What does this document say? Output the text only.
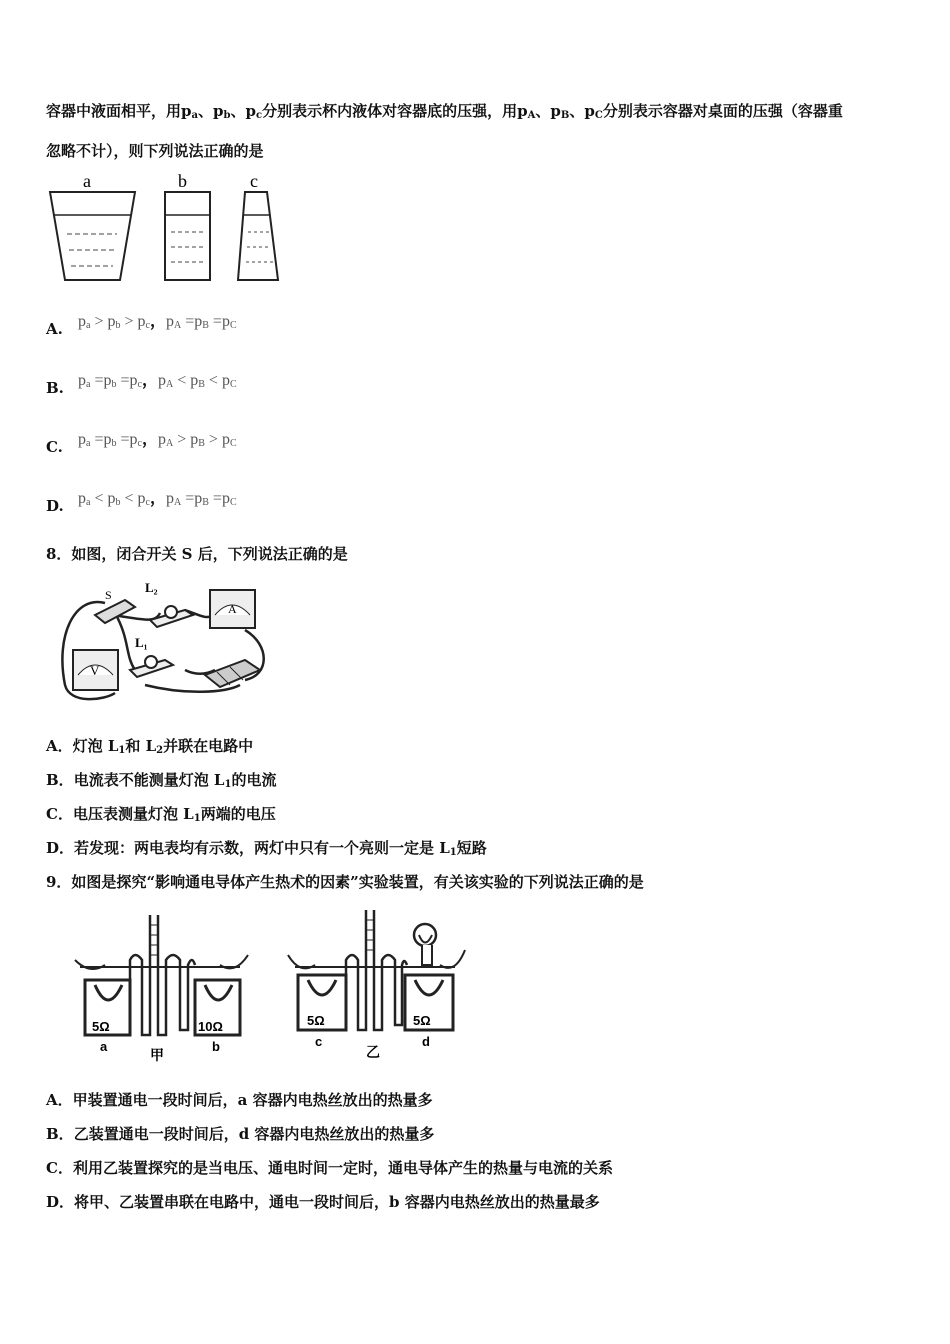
容器中液面相平，用$p_a$、$p_b$、$p_c$分别表示杯内液体对容器底的压强，用$p_A$、$p_B$、$p_C$分别表示容器对桌面的压强（容器重
忽略不计），则下列说法正确的是
a	b	c
A. $p_a > p_b > p_c$，$p_A =p_B =p_C$
B. $p_a =p_b =p_c$，$p_A < p_B < p_C$
C. $p_a =p_b =p_c$，$p_A > p_B > p_C$
D. $p_a < p_b < p_c$，$p_A =p_B =p_C$
8．如图，闭合开关 S 后，下列说法正确的是
S	L₂
A
L₁
V
A．灯泡 $L_1$和 $L_2$并联在电路中
B．电流表不能测量灯泡 $L_1$的电流
C．电压表测量灯泡 $L_1$两端的电压
D．若发现：两电表均有示数，两灯中只有一个亮则一定是 $L_1$短路
9．如图是探究“影响通电导体产生热术的因素”实验装置，有关该实验的下列说法正确的是
5Ω	10Ω
a	b
甲
5Ω	5Ω
c	d
乙
A．甲装置通电一段时间后，a 容器内电热丝放出的热量多
B．乙装置通电一段时间后，d 容器内电热丝放出的热量多
C．利用乙装置探究的是当电压、通电时间一定时，通电导体产生的热量与电流的关系
D．将甲、乙装置串联在电路中，通电一段时间后，b 容器内电热丝放出的热量最多
